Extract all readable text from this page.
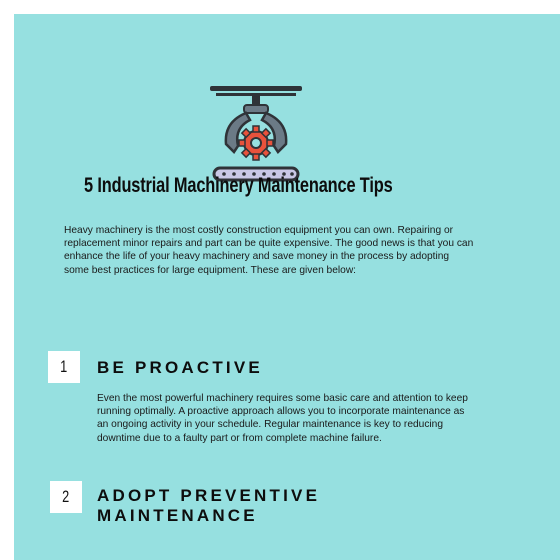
5 Industrial Machinery Maintenance Tips
Heavy machinery is the most costly construction equipment you can own. Repairing or replacement minor repairs and part can be quite expensive. The good news is that you can enhance the life of your heavy machinery and save money in the process by adopting some best practices for large equipment. These are given below:
1 BE PROACTIVE
Even the most powerful machinery requires some basic care and attention to keep running optimally. A proactive approach allows you to incorporate maintenance as an ongoing activity in your schedule. Regular maintenance is key to reducing downtime due to a faulty part or from complete machine failure.
2 ADOPT PREVENTIVE MAINTENANCE
